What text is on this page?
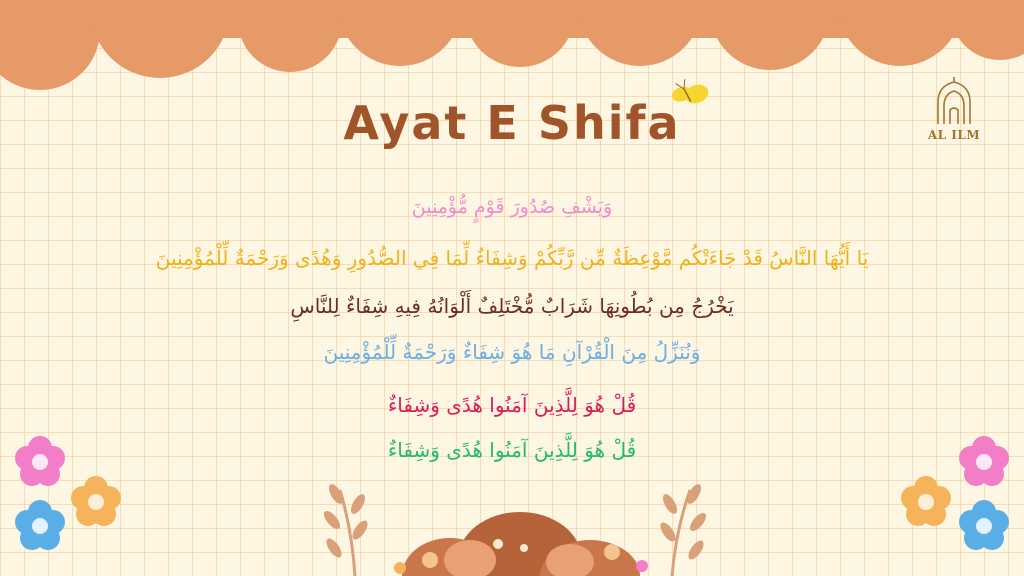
Ayat E Shifa	AL ILM
وَيَشْفِ صُدُورَ قَوْمٍ مُّؤْمِنِينَ
يَا أَيُّهَا النَّاسُ قَدْ جَاءَتْكُم مَّوْعِظَةٌ مِّن رَّبِّكُمْ وَشِفَاءٌ لِّمَا فِي الصُّدُورِ وَهُدًى وَرَحْمَةٌ لِّلْمُؤْمِنِينَ
يَخْرُجُ مِن بُطُونِهَا شَرَابٌ مُّخْتَلِفٌ أَلْوَانُهُ فِيهِ شِفَاءٌ لِلنَّاسِ
وَنُنَزِّلُ مِنَ الْقُرْآنِ مَا هُوَ شِفَاءٌ وَرَحْمَةٌ لِّلْمُؤْمِنِينَ
قُلْ هُوَ لِلَّذِينَ آمَنُوا هُدًى وَشِفَاءٌ
قُلْ هُوَ لِلَّذِينَ آمَنُوا هُدًى وَشِفَاءٌ
